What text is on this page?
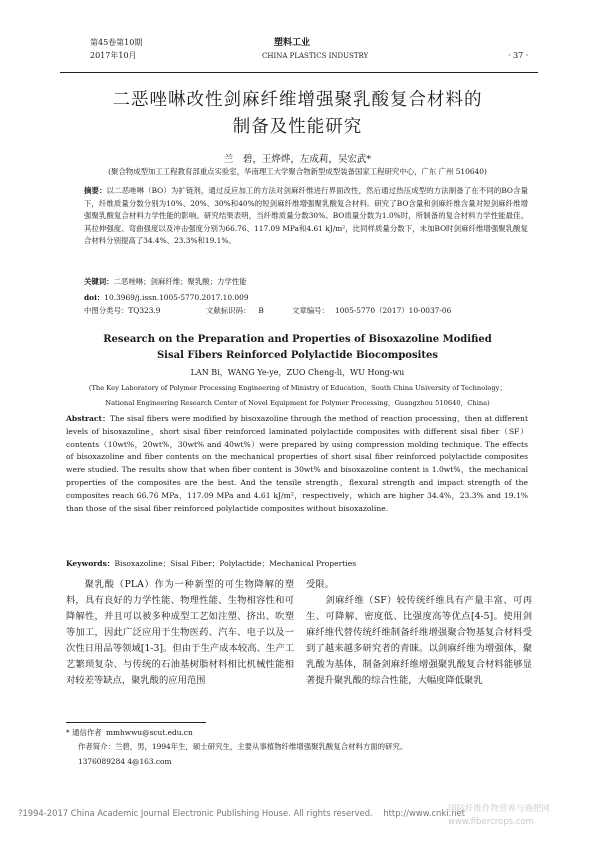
第45卷第10期
2017年10月
塑料工业
CHINA PLASTICS INDUSTRY	· 37 ·
二恶唑啉改性剑麻纤维增强聚乳酸复合材料的
制备及性能研究
兰　碧，王烨烨，左成莉，吴宏武*
(聚合物成型加工工程教育部重点实验室，华南理工大学聚合物新型成型装备国家工程研究中心，广东 广州 510640)
摘要：以二恶唑啉（BO）为扩链剂，通过反应加工的方法对剑麻纤维进行界面改性，然后通过热压成型的方法制备了在不同的BO含量下，纤维质量分数分别为10%、20%、30%和40%的短剑麻纤维增强聚乳酸复合材料。研究了BO含量和剑麻纤维含量对短剑麻纤维增强聚乳酸复合材料力学性能的影响。研究结果表明，当纤维质量分数30%、BO质量分数为1.0%时，所制备的复合材料力学性能最佳。其拉伸强度、弯曲强度以及冲击强度分别为66.76、117.09 MPa和4.61 kJ/m²，比同样质量分数下，未加BO时剑麻纤维增强聚乳酸复合材料分别提高了34.4%、23.3%和19.1%。
关键词：二恶唑啉；剑麻纤维；聚乳酸；力学性能
doi：10.3969/j.issn.1005-5770.2017.10.009
中图分类号：TQ323.9	文献标识码： B	文章编号： 1005-5770（2017）10-0037-06
Research on the Preparation and Properties of Bisoxazoline Modified
Sisal Fibers Reinforced Polylactide Biocomposites
LAN Bi，WANG Ye-ye，ZUO Cheng-li，WU Hong-wu
(The Key Laboratory of Polymer Processing Engineering of Ministry of Education，South China University of Technology；
National Engineering Research Center of Novel Equipment for Polymer Processing，Guangzhou 510640，China)
Abstract：The sisal fibers were modified by bisoxazoline through the method of reaction processing，then at different levels of bisoxazoline，short sisal fiber reinforced laminated polylactide composites with different sisal fiber（SF）contents（10wt%，20wt%，30wt% and 40wt%）were prepared by using compression molding technique. The effects of bisoxazoline and fiber contents on the mechanical properties of short sisal fiber reinforced polylactide composites were studied. The results show that when fiber content is 30wt% and bisoxazoline content is 1.0wt%，the mechanical properties of the composites are the best. And the tensile strength，flexural strength and impact strength of the composites reach 66.76 MPa，117.09 MPa and 4.61 kJ/m²，respectively，which are higher 34.4%，23.3% and 19.1% than those of the sisal fiber reinforced polylactide composites without bisoxazoline.
Keywords：Bisoxazoline；Sisal Fiber；Polylactide；Mechanical Properties
聚乳酸（PLA）作为一种新型的可生物降解的塑料，具有良好的力学性能、物理性能、生物相容性和可降解性，并且可以被多种成型工艺如注塑、挤出、吹塑等加工，因此广泛应用于生物医药、汽车、电子以及一次性日用品等领域[1-3]。但由于生产成本较高、生产工艺繁琐复杂、与传统的石油基树脂材料相比机械性能相对较差等缺点，聚乳酸的应用范围
受限。
　　剑麻纤维（SF）较传统纤维具有产量丰富、可再生、可降解、密度低、比强度高等优点[4-5]。使用剑麻纤维代替传统纤维制备纤维增强聚合物基复合材料受到了越来越多研究者的青睐。以剑麻纤维为增强体，聚乳酸为基体，制备剑麻纤维增强聚乳酸复合材料能够显著提升聚乳酸的综合性能，大幅度降低聚乳
* 通信作者 mmhwwu@scut.edu.cn
作者简介：兰碧，男，1994年生，硕士研究生，主要从事植物纤维增强聚乳酸复合材料方面的研究。
1376089284 4@163.com
?1994-2017 China Academic Journal Electronic Publishing House. All rights reserved.    http://www.cnki.net
国际纤维作物营养与施肥网 www.fibercrops.com
